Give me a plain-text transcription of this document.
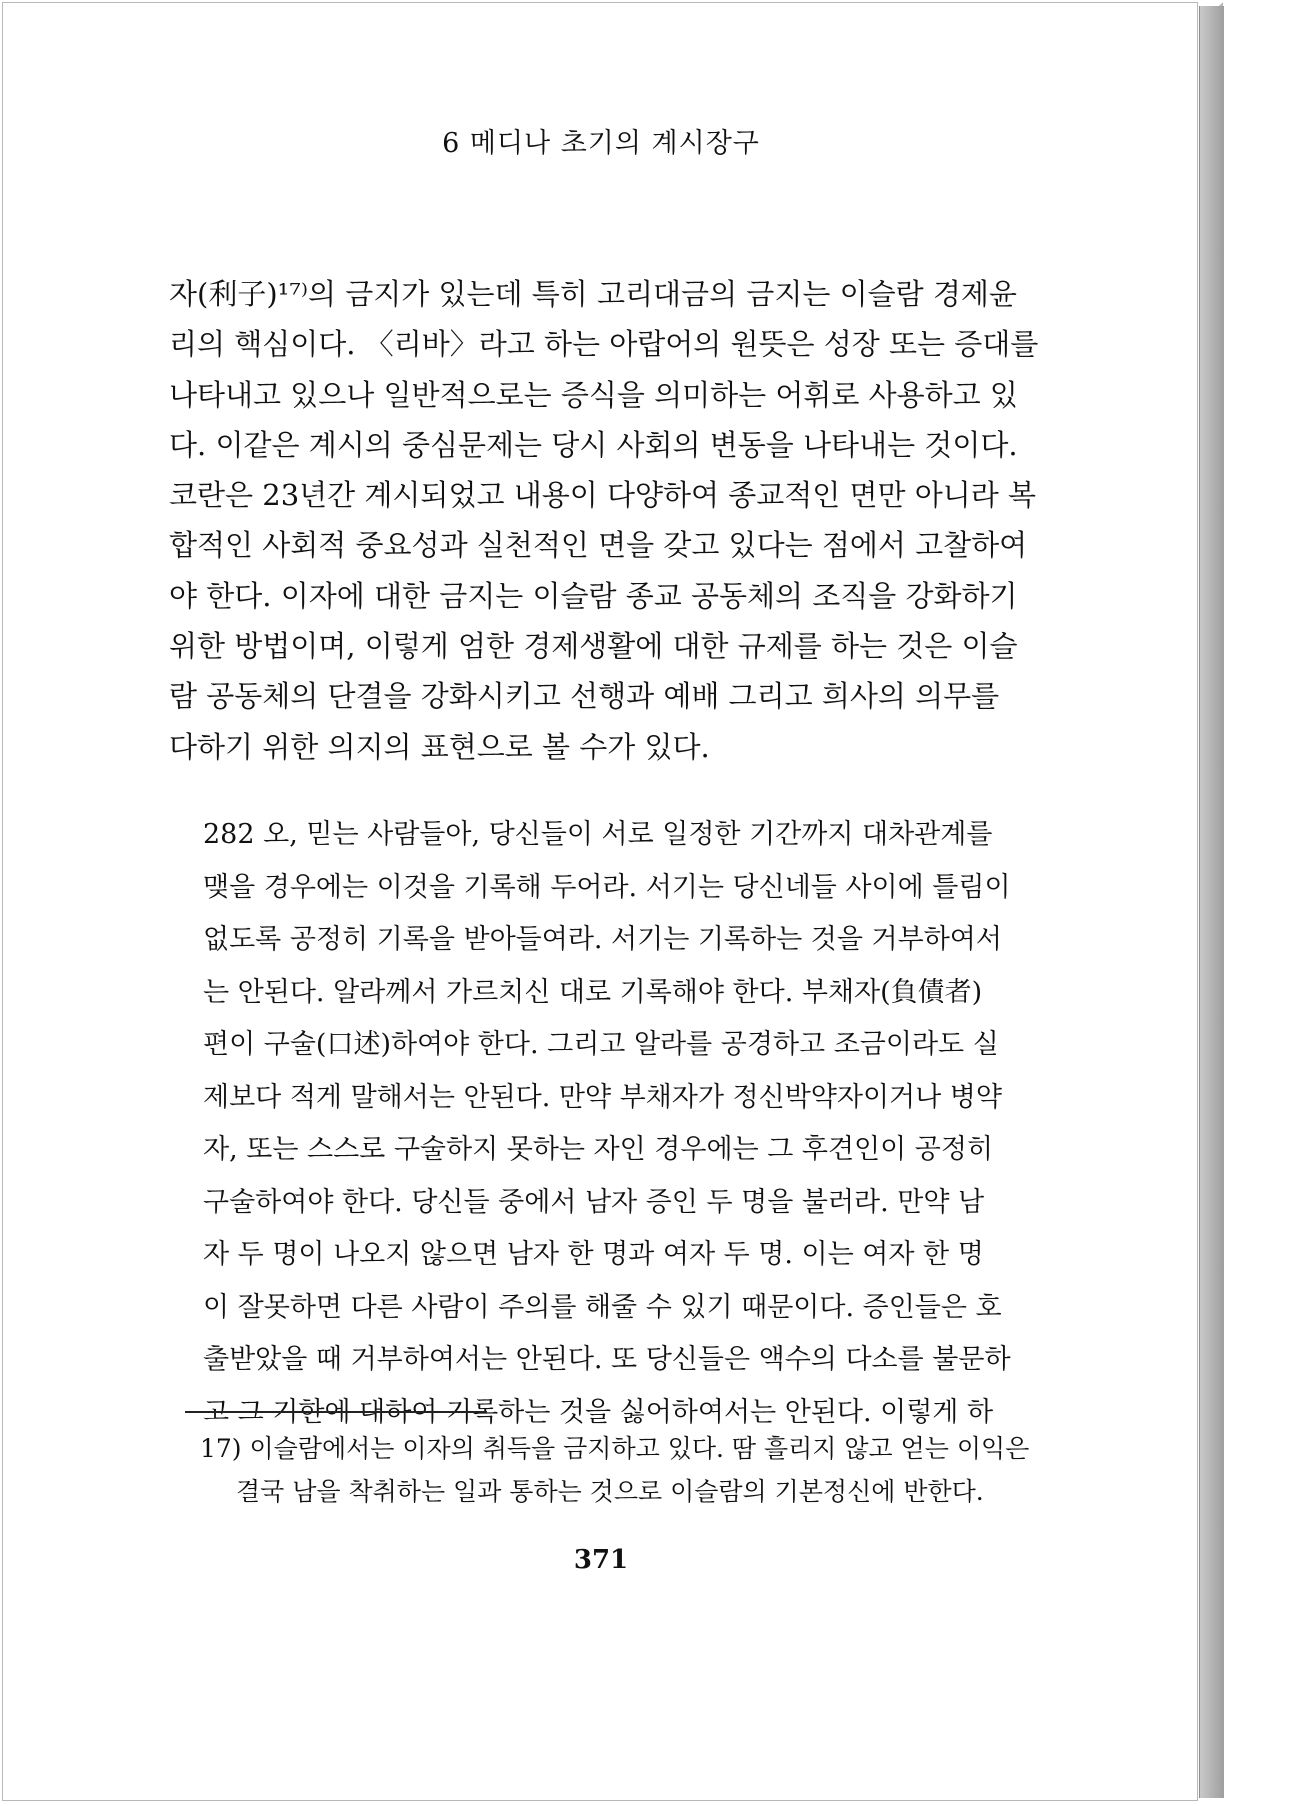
6 메디나 초기의 계시장구
자(利子)¹⁷⁾의 금지가 있는데 특히 고리대금의 금지는 이슬람 경제윤
리의 핵심이다. 〈리바〉라고 하는 아랍어의 원뜻은 성장 또는 증대를
나타내고 있으나 일반적으로는 증식을 의미하는 어휘로 사용하고 있
다. 이같은 계시의 중심문제는 당시 사회의 변동을 나타내는 것이다.
코란은 23년간 계시되었고 내용이 다양하여 종교적인 면만 아니라 복
합적인 사회적 중요성과 실천적인 면을 갖고 있다는 점에서 고찰하여
야 한다. 이자에 대한 금지는 이슬람 종교 공동체의 조직을 강화하기
위한 방법이며, 이렇게 엄한 경제생활에 대한 규제를 하는 것은 이슬
람 공동체의 단결을 강화시키고 선행과 예배 그리고 희사의 의무를
다하기 위한 의지의 표현으로 볼 수가 있다.
282 오, 믿는 사람들아, 당신들이 서로 일정한 기간까지 대차관계를
맺을 경우에는 이것을 기록해 두어라. 서기는 당신네들 사이에 틀림이
없도록 공정히 기록을 받아들여라. 서기는 기록하는 것을 거부하여서
는 안된다. 알라께서 가르치신 대로 기록해야 한다. 부채자(負債者)
편이 구술(口述)하여야 한다. 그리고 알라를 공경하고 조금이라도 실
제보다 적게 말해서는 안된다. 만약 부채자가 정신박약자이거나 병약
자, 또는 스스로 구술하지 못하는 자인 경우에는 그 후견인이 공정히
구술하여야 한다. 당신들 중에서 남자 증인 두 명을 불러라. 만약 남
자 두 명이 나오지 않으면 남자 한 명과 여자 두 명. 이는 여자 한 명
이 잘못하면 다른 사람이 주의를 해줄 수 있기 때문이다. 증인들은 호
출받았을 때 거부하여서는 안된다. 또 당신들은 액수의 다소를 불문하
고 그 기한에 대하여 기록하는 것을 싫어하여서는 안된다. 이렇게 하
17) 이슬람에서는 이자의 취득을 금지하고 있다. 땀 흘리지 않고 얻는 이익은
결국 남을 착취하는 일과 통하는 것으로 이슬람의 기본정신에 반한다.
371
